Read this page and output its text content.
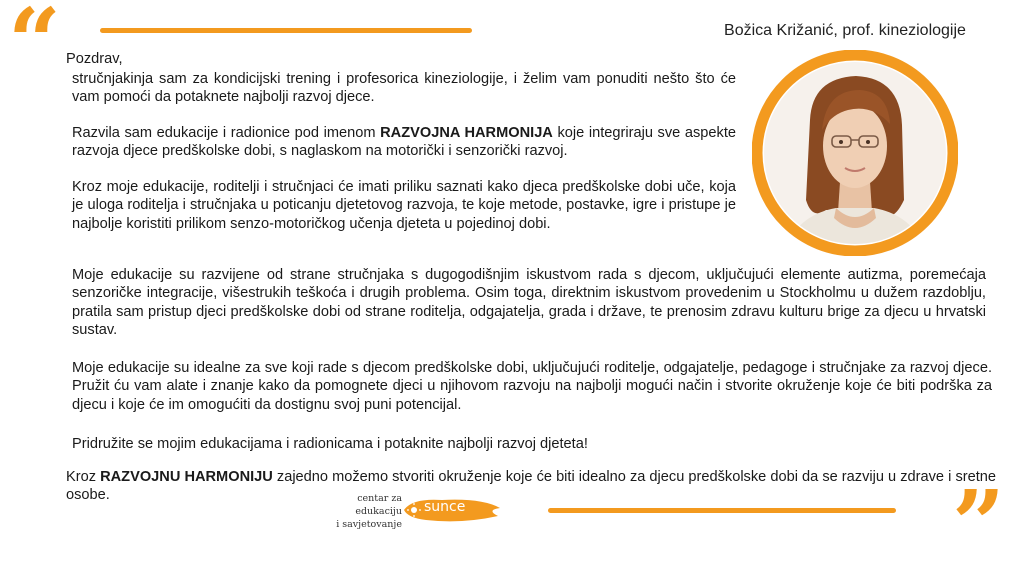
“	Božica Križanić, prof. kineziologije
Pozdrav,

stručnjakinja sam za kondicijski trening i profesorica kineziologije, i želim vam ponuditi nešto što će vam pomoći da potaknete najbolji razvoj djece.

Razvila sam edukacije i radionice pod imenom RAZVOJNA HARMONIJA koje integriraju sve aspekte razvoja djece predškolske dobi, s naglaskom na motorički i senzorički razvoj.

Kroz moje edukacije, roditelji i stručnjaci će imati priliku saznati kako djeca predškolske dobi uče, koja je uloga roditelja i stručnjaka u poticanju djetetovog razvoja, te koje metode, postavke, igre i pristupe je najbolje koristiti prilikom senzo-motoričkog učenja djeteta u pojedinoj dobi.

Moje edukacije su razvijene od strane stručnjaka s dugogodišnjim iskustvom rada s djecom, uključujući elemente autizma, poremećaja senzoričke integracije, višestrukih teškoća i drugih problema. Osim toga, direktnim iskustvom provedenim u Stockholmu u dužem razdoblju, pratila sam pristup djeci predškolske dobi od strane roditelja, odgajatelja, grada i države, te prenosim zdravu kulturu brige za djecu u hrvatski sustav.

Moje edukacije su idealne za sve koji rade s djecom predškolske dobi, uključujući roditelje, odgajatelje, pedagoge i stručnjake za razvoj djece. Pružit ću vam alate i znanje kako da pomognete djeci u njihovom razvoju na najbolji mogući način i stvorite okruženje koje će biti podrška za djecu i koje će im omogućiti da dostignu svoj puni potencijal.

Pridružite se mojim edukacijama i radionicama i potaknite najbolji razvoj djeteta!

Kroz RAZVOJNU HARMONIJU zajedno možemo stvoriti okruženje koje će biti idealno za djecu predškolske dobi da se razviju u zdrave i sretne osobe.	centar za edukaciju
i savjetovanje
sunce	”
